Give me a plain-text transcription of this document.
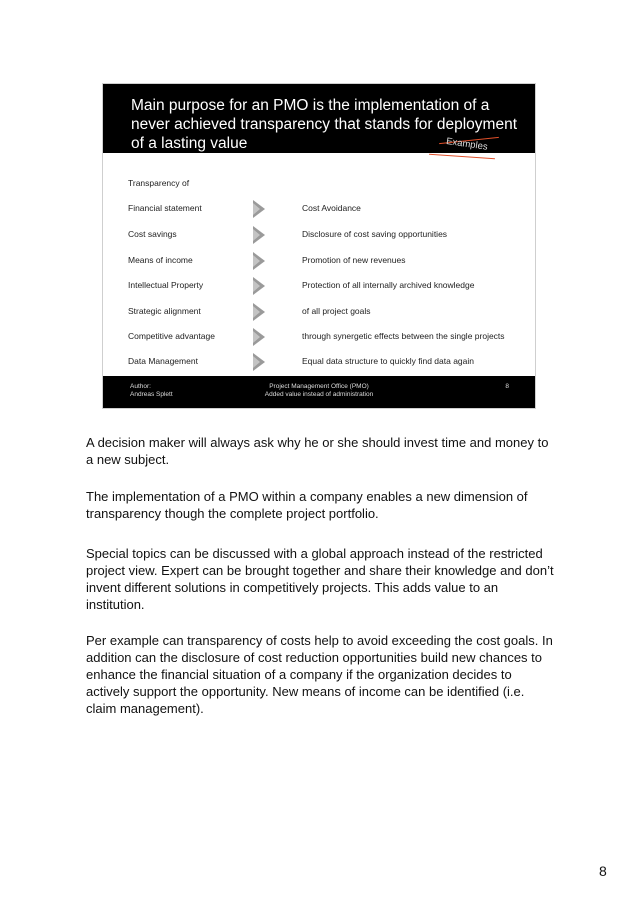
Main purpose for an PMO is the implementation of a never achieved transparency that stands for deployment of a lasting value	Examples
Transparency of
Financial statement	Cost Avoidance
Cost savings	Disclosure of cost saving opportunities
Means of income	Promotion of new revenues
Intellectual Property	Protection of all internally archived knowledge
Strategic alignment	of all project goals
Competitive advantage	through synergetic effects between the single projects
Data Management	Equal data structure to quickly find data again
Author:
Andreas Splett
Project Management Office (PMO)
Added value instead of administration
8

A decision maker will always ask why he or she should invest time and money to a new subject.

The implementation of a PMO within a company enables a new dimension of transparency though the complete project portfolio.

Special topics can be discussed with a global approach instead of the restricted project view. Expert can be brought together and share their knowledge and don’t invent different solutions in competitively projects. This adds value to an institution.

Per example can transparency of costs help to avoid exceeding the cost goals. In addition can the disclosure of cost reduction opportunities build new chances to enhance the financial situation of a company if the organization decides to actively support the opportunity. New means of income can be identified (i.e. claim management).

8
